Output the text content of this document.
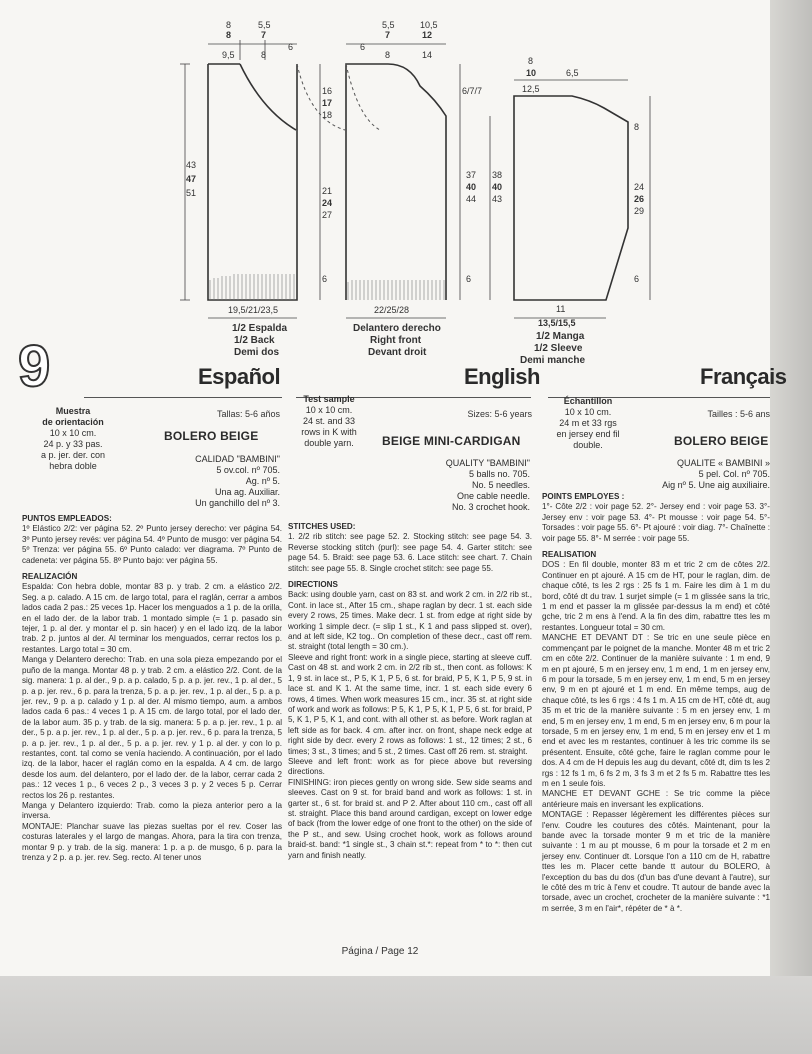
8
8
9,5
5,5
7
8
6
43
47
51
16
17
18
21
24
27
6
19,5/21/23,5
1/2 Espalda
1/2 Back
Demi dos
6
5,5
7
8
10,5
12
14
6/7/7
37
40
44
38
40
43
6
22/25/28
Delantero derecho
Right front
Devant droit
8
10
12,5
6,5
8
24
26
29
6
11
13,5/15,5
1/2 Manga
1/2 Sleeve
Demi manche
9	Español
Tallas: 5-6 años
Muestra
de orientación
10 x 10 cm.
24 p. y 33 pas.
a p. jer. der. con
hebra doble
BOLERO BEIGE
CALIDAD "BAMBINI"
5 ov.col. nº 705.
Ag. nº 5.
Una ag. Auxiliar.
Un ganchillo del nº 3.
English
Sizes: 5-6 years
Test sample
10 x 10 cm.
24 st. and 33
rows in K with
double yarn.	BEIGE MINI-CARDIGAN
QUALITY "BAMBINI"
5 balls no. 705.
No. 5 needles.
One cable needle.
No. 3 crochet hook.
Français
Tailles : 5-6 ans
Échantillon
10 x 10 cm.
24 m et 33 rgs
en jersey end fil
double.	BOLERO BEIGE
QUALITE « BAMBINI »
5 pel. Col. nº 705.
Aig nº 5. Une aig auxiliaire.
PUNTOS EMPLEADOS:

1º Elástico 2/2: ver página 52. 2º Punto jersey derecho: ver página 54. 3º Punto jersey revés: ver página 54. 4º Punto de musgo: ver página 54. 5º Trenza: ver página 55. 6º Punto calado: ver diagrama. 7º Punto de cadeneta: ver página 55. 8º Punto bajo: ver página 55.

REALIZACIÓN

Espalda: Con hebra doble, montar 83 p. y trab. 2 cm. a elástico 2/2. Seg. a p. calado. A 15 cm. de largo total, para el raglán, cerrar a ambos lados cada 2 pas.: 25 veces 1p. Hacer los menguados a 1 p. de la orilla, en el lado der. de la labor trab. 1 montado simple (= 1 p. pasado sin tejer, 1 p. al der. y montar el p. sin hacer) y en el lado izq. de la labor trab. 2 p. juntos al der. Al terminar los menguados, cerrar rectos los p. restantes. Largo total = 30 cm.

Manga y Delantero derecho: Trab. en una sola pieza empezando por el puño de la manga. Montar 48 p. y trab. 2 cm. a elástico 2/2. Cont. de la sig. manera: 1 p. al der., 9 p. a p. calado, 5 p. a p. jer. rev., 1 p. al der., 5 p. a p. jer. rev., 6 p. para la trenza, 5 p. a p. jer. rev., 1 p. al der., 5 p. a p. jer. rev., 9 p. a p. calado y 1 p. al der. Al mismo tiempo, aum. a ambos lados cada 6 pas.: 4 veces 1 p. A 15 cm. de largo total, por el lado der. de la labor aum. 35 p. y trab. de la sig. manera: 5 p. a p. jer. rev., 1 p. al der., 5 p. a p. jer. rev., 1 p. al der., 5 p. a p. jer. rev., 6 p. para la trenza, 5 p. a p. jer. rev., 1 p. al der., 5 p. a p. jer. rev. y 1 p. al der. y con lo p. restantes, cont. tal como se venía haciendo. A continuación, por el lado izq. de la labor, hacer el raglán como en la espalda. A 4 cm. de largo desde los aum. del delantero, por el lado der. de la labor, cerrar cada 2 pas.: 12 veces 1 p., 6 veces 2 p., 3 veces 3 p. y 2 veces 5 p. Cerrar rectos los 26 p. restantes.

Manga y Delantero izquierdo: Trab. como la pieza anterior pero a la inversa.

MONTAJE: Planchar suave las piezas sueltas por el rev. Coser las costuras laterales y el largo de mangas. Ahora, para la tira con trenza, montar 9 p. y trab. de la sig. manera: 1 p. a p. de musgo, 6 p. para la trenza y 2 p. a p. jer. rev. Seg. recto. Al tener unos

STITCHES USED:

1. 2/2 rib stitch: see page 52. 2. Stocking stitch: see page 54. 3. Reverse stocking stitch (purl): see page 54. 4. Garter stitch: see page 54. 5. Braid: see page 53. 6. Lace stitch: see chart. 7. Chain stitch: see page 55. 8. Single crochet stitch: see page 55.

DIRECTIONS

Back: using double yarn, cast on 83 st. and work 2 cm. in 2/2 rib st., Cont. in lace st., After 15 cm., shape raglan by decr. 1 st. each side every 2 rows, 25 times. Make decr. 1 st. from edge at right side by working 1 simple decr. (= slip 1 st., K 1 and pass slipped st. over), and at left side, K2 tog.. On completion of these decr., cast off rem. st. straight (total length = 30 cm.).

Sleeve and right front: work in a single piece, starting at sleeve cuff. Cast on 48 st. and work 2 cm. in 2/2 rib st., then cont. as follows: K 1, 9 st. in lace st., P 5, K 1, P 5, 6 st. for braid, P 5, K 1, P 5, 9 st. in lace st. and K 1. At the same time, incr. 1 st. each side every 6 rows, 4 times. When work measures 15 cm., incr. 35 st. at right side of work and work as follows: P 5, K 1, P 5, K 1, P 5, 6 st. for braid, P 5, K 1, P 5, K 1, and cont. with all other st. as before. Work raglan at left side as for back. 4 cm. after incr. on front, shape neck edge at right side by decr. every 2 rows as follows: 1 st., 12 times; 2 st., 6 times; 3 st., 3 times; and 5 st., 2 times. Cast off 26 rem. st. straight.

Sleeve and left front: work as for piece above but reversing directions.

FINISHING: iron pieces gently on wrong side. Sew side seams and sleeves. Cast on 9 st. for braid band and work as follows: 1 st. in garter st., 6 st. for braid st. and P 2. After about 110 cm., cast off all st. straight. Place this band around cardigan, except on lower edge of back (from the lower edge of one front to the other) on the side of the P st., and sew. Using crochet hook, work as follows around braid-st. band: *1 single st., 3 chain st.*: repeat from * to *: then cut yarn and finish neatly.

POINTS EMPLOYES :

1°- Côte 2/2 : voir page 52. 2°- Jersey end : voir page 53. 3°- Jersey env : voir page 53. 4°- Pt mousse : voir page 54. 5°- Torsades : voir page 55. 6°- Pt ajouré : voir diag. 7°- Chaînette : voir page 55. 8°- M serrée : voir page 55.

REALISATION

DOS : En fil double, monter 83 m et tric 2 cm de côtes 2/2. Continuer en pt ajouré. A 15 cm de HT, pour le raglan, dim. de chaque côté, ts les 2 rgs : 25 fs 1 m. Faire les dim à 1 m du bord, côté dt du trav. 1 surjet simple (= 1 m glissée sans la tric, 1 m end et passer la m glissée par-dessus la m end) et côté gche, tric 2 m ens à l'end. A la fin des dim, rabattre ttes les m restantes. Longueur total = 30 cm.

MANCHE ET DEVANT DT : Se tric en une seule pièce en commençant par le poignet de la manche. Monter 48 m et tric 2 cm en côte 2/2. Continuer de la manière suivante : 1 m end, 9 m en pt ajouré, 5 m en jersey env, 1 m end, 1 m en jersey env, 6 m pour la torsade, 5 m en jersey env, 1 m end, 5 m en jersey env, 9 m en pt ajouré et 1 m end. En même temps, aug de chaque côté, ts les 6 rgs : 4 fs 1 m. A 15 cm de HT, côté dt, aug 35 m et tric de la manière suivante : 5 m en jersey env, 1 m end, 5 m en jersey env, 1 m end, 5 m en jersey env, 6 m pour la torsade, 5 m en jersey env, 1 m end, 5 m en jersey env et 1 m end et avec les m restantes, continuer à les tric comme ils se présentent. Ensuite, côté gche, faire le raglan comme pour le dos. A 4 cm de H depuis les aug du devant, côté dt, dim ts les 2 rgs : 12 fs 1 m, 6 fs 2 m, 3 fs 3 m et 2 fs 5 m. Rabattre ttes les m en 1 seule fois.

MANCHE ET DEVANT GCHE : Se tric comme la pièce antérieure mais en inversant les explications.

MONTAGE : Repasser légèrement les différentes pièces sur l'env. Coudre les coutures des côtés. Maintenant, pour la bande avec la torsade monter 9 m et tric de la manière suivante : 1 m au pt mousse, 6 m pour la torsade et 2 m en jersey env. Continuer dt. Lorsque l'on a 110 cm de H, rabattre ttes les m. Placer cette bande tt autour du BOLERO, à l'exception du bas du dos (d'un bas d'une devant à l'autre), sur le côté des m tric à l'env et coudre. Tt autour de bande avec la torsade, avec un crochet, crocheter de la manière suivante : *1 m serrée, 3 m en l'air*, répéter de * à *.

Página / Page 12
